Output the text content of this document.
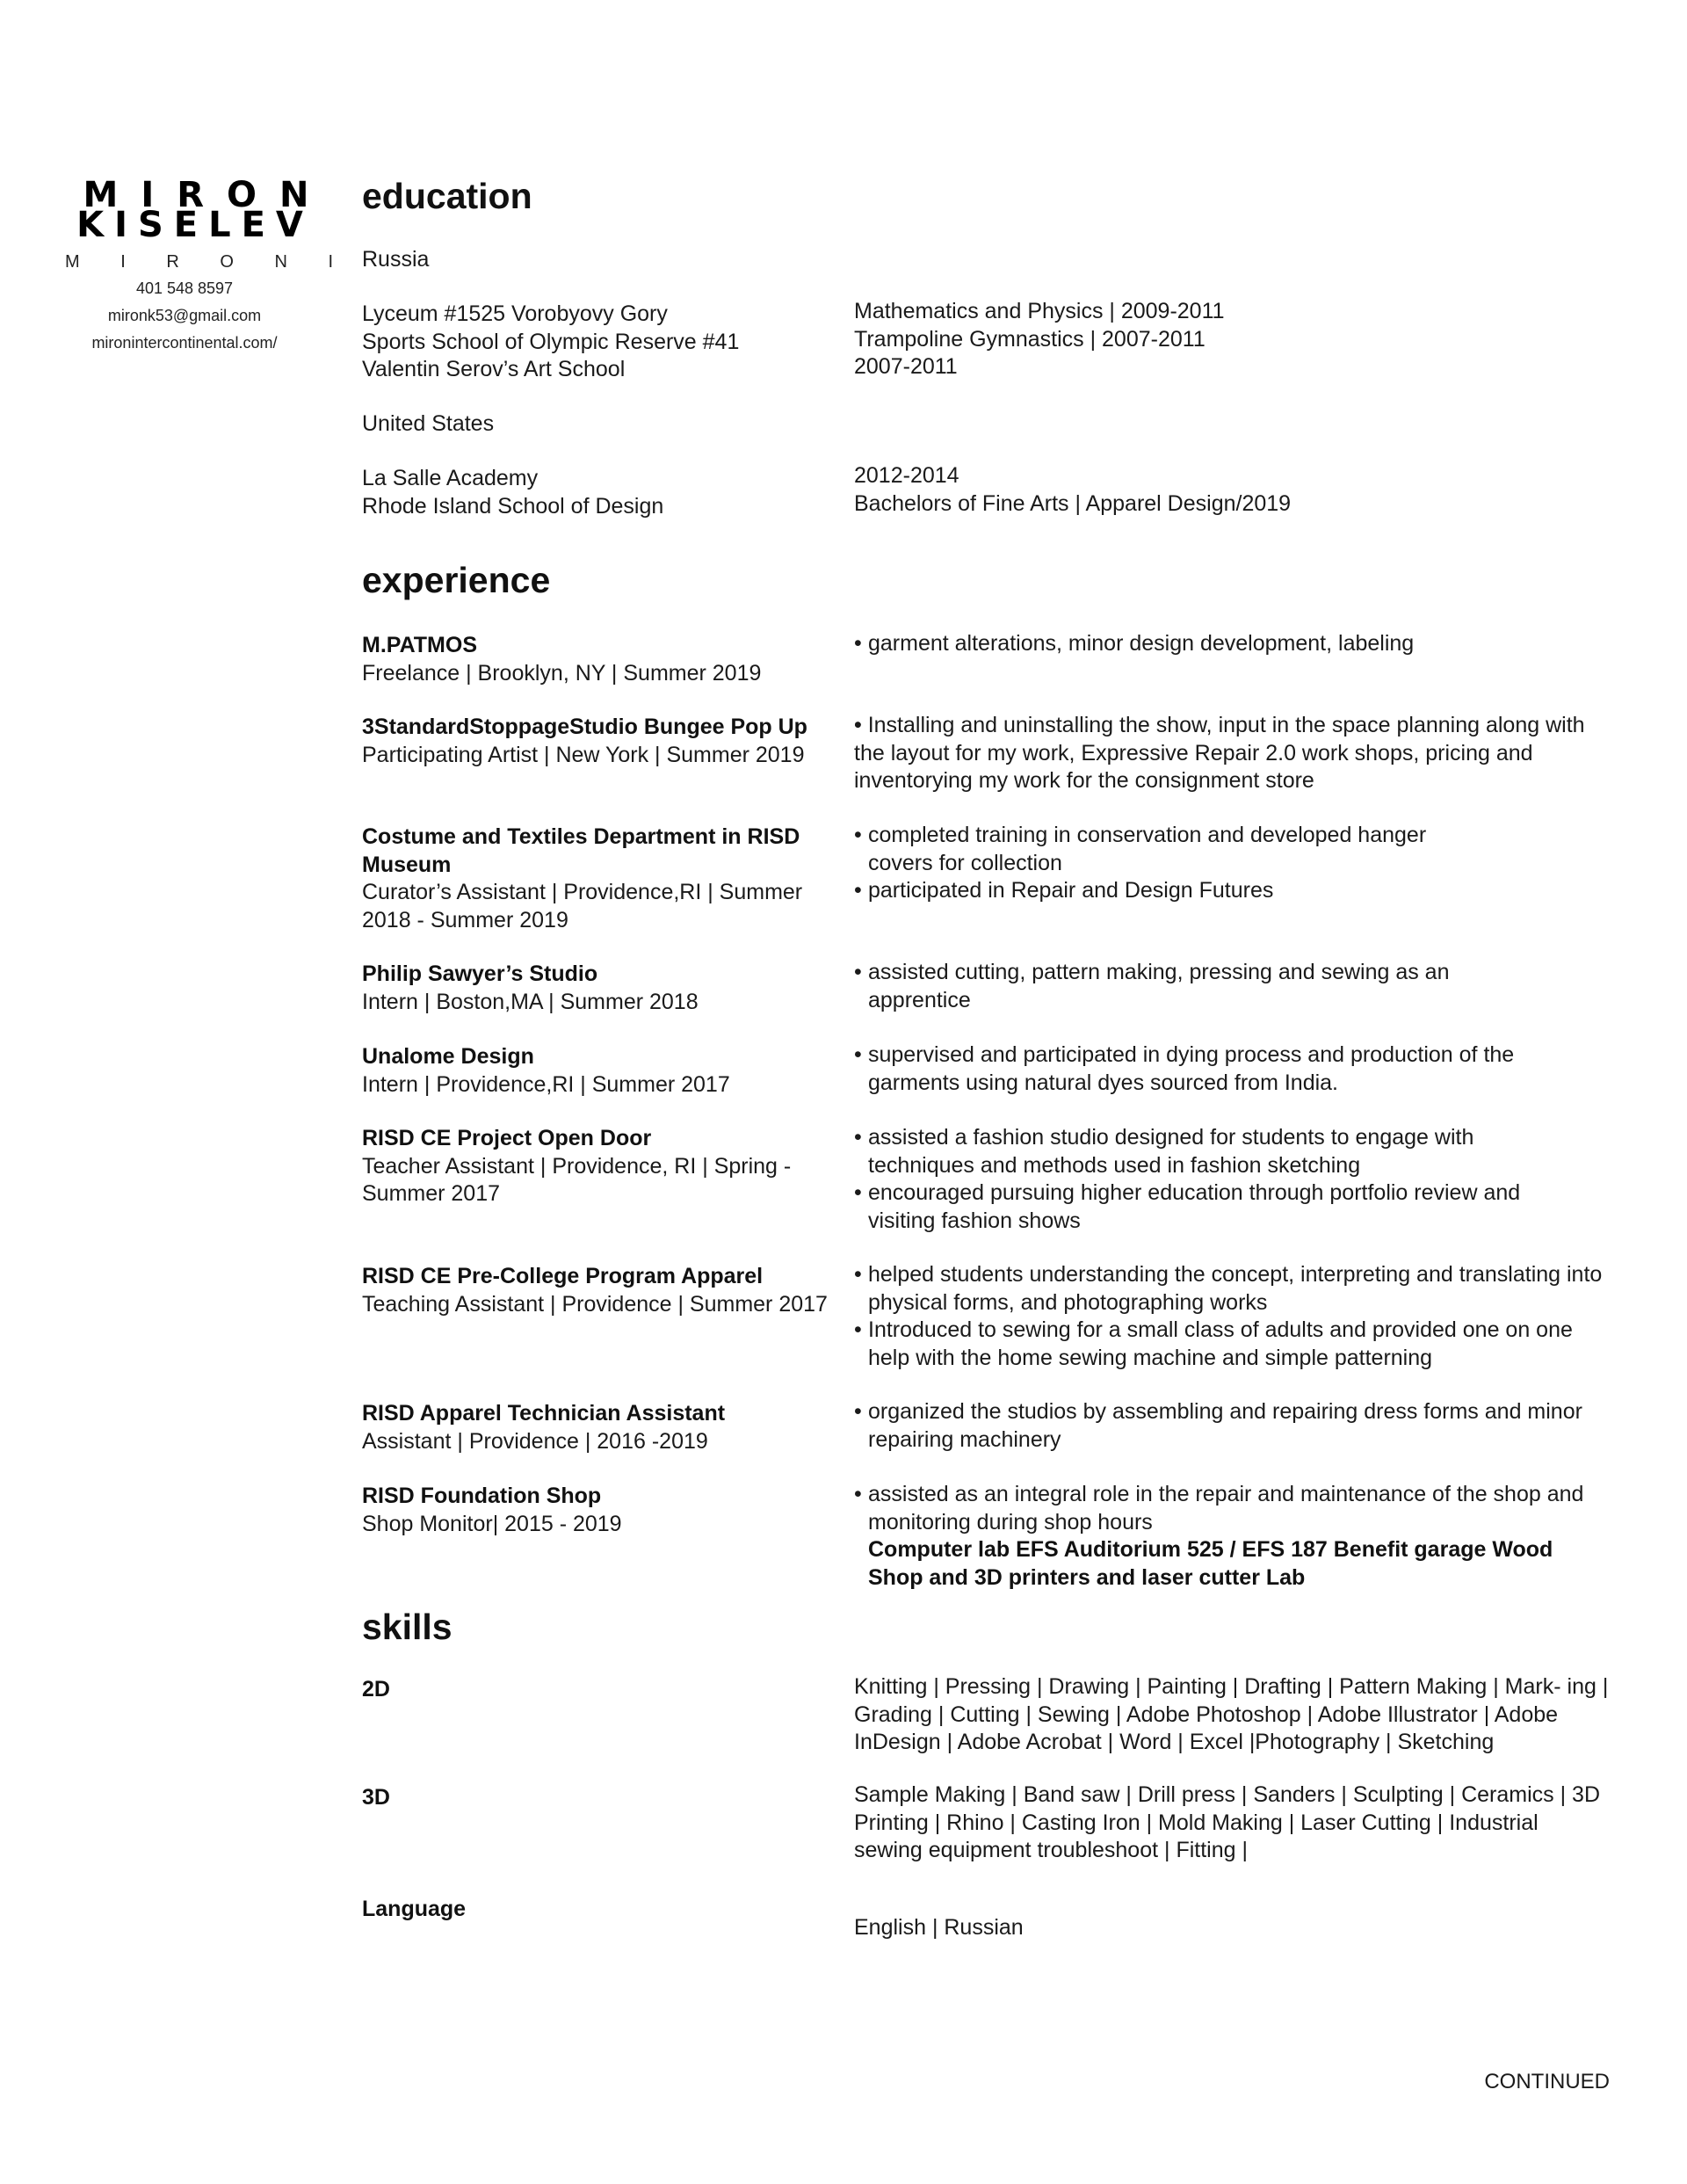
MIRON
KISELEV
M I R O N I
401 548 8597
mironk53@gmail.com
mironintercontinental.com/
education
Russia
Lyceum #1525 Vorobyovy Gory
Sports School of Olympic Reserve #41
Valentin Serov’s Art School
Mathematics and Physics | 2009-2011
Trampoline Gymnastics | 2007-2011
2007-2011
United States
La Salle Academy
Rhode Island School of Design
2012-2014
Bachelors of Fine Arts | Apparel Design/2019
experience
M.PATMOS
Freelance | Brooklyn, NY | Summer 2019
• garment alterations, minor design development, labeling
3StandardStoppageStudio Bungee Pop Up
Participating Artist | New York | Summer 2019
• • Installing and uninstalling the show, input in the space planning along with the layout for my work, Expressive Repair 2.0 work shops, pricing and inventorying my work for the consignment store
Costume and Textiles Department in RISD Museum
Curator’s Assistant | Providence,RI | Summer 2018 - Summer 2019
• completed training in conservation and developed hanger covers for collection
• participated in Repair and Design Futures
Philip Sawyer’s Studio
Intern | Boston,MA | Summer 2018
• assisted cutting, pattern making, pressing and sewing as an apprentice
Unalome Design
Intern | Providence,RI | Summer 2017
• supervised and participated in dying process and production of the garments using natural dyes sourced from India.
RISD CE Project Open Door
Teacher Assistant | Providence, RI | Spring - Summer 2017
• assisted a fashion studio designed for students to engage with techniques and methods used in fashion sketching
• encouraged pursuing higher education through portfolio review and visiting fashion shows
RISD CE Pre-College Program Apparel
Teaching Assistant | Providence | Summer 2017
• helped students understanding the concept, interpreting and translating into physical forms, and photographing works
• Introduced to sewing for a small class of adults and provided one on one help with the home sewing machine and simple patterning
RISD Apparel Technician Assistant
Assistant | Providence | 2016 -2019
• organized the studios by assembling and repairing dress forms and minor repairing machinery
RISD Foundation Shop
Shop Monitor| 2015 - 2019
• assisted as an integral role in the repair and maintenance of the shop and monitoring during shop hours
Computer lab EFS Auditorium 525 / EFS 187 Benefit garage Wood Shop and 3D printers and laser cutter Lab
skills
2D	Knitting | Pressing | Drawing | Painting | Drafting | Pattern Making | Mark- ing | Grading | Cutting | Sewing | Adobe Photoshop | Adobe Illustrator | Adobe InDesign | Adobe Acrobat | Word | Excel |Photography | Sketching
3D	Sample Making | Band saw | Drill press | Sanders | Sculpting | Ceramics | 3D Printing | Rhino | Casting Iron | Mold Making | Laser Cutting | Industrial sewing equipment troubleshoot | Fitting |
Language
English | Russian
CONTINUED
